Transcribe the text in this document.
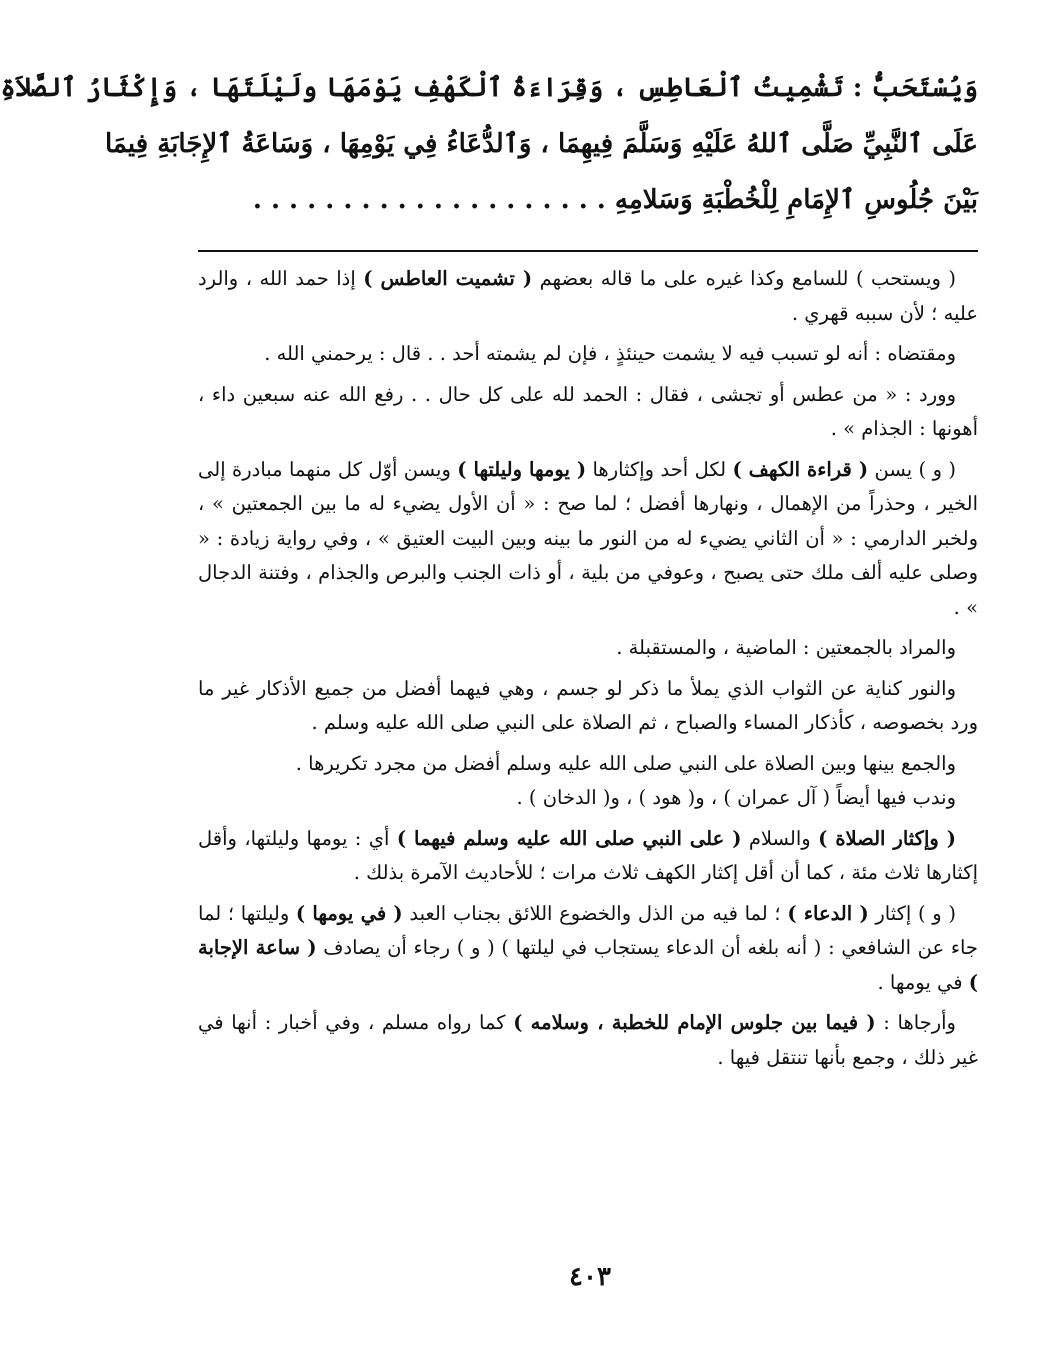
وَيُسْتَحَبُّ : تَشْمِيتُ ٱلْعَاطِسِ ، وَقِرَاءَةُ ٱلْكَهْفِ يَوْمَهَا ولَيْلَتَهَا ، وَإِكْثَارُ ٱلصَّلاَةِ
عَلَى ٱلنَّبِيِّ صَلَّى ٱللهُ عَلَيْهِ وَسَلَّمَ فِيهِمَا ، وَٱلدُّعَاءُ فِي يَوْمِهَا ، وَسَاعَةُ ٱلإِجَابَةِ فِيمَا
بَيْنَ جُلُوسِ ٱلإِمَامِ لِلْخُطْبَةِ وَسَلامِهِ . . . . . . . . . . . . . . . . . . . .

( ويستحب ) للسامع وكذا غيره على ما قاله بعضهم ( تشميت العاطس ) إذا حمد الله ، والرد عليه ؛ لأن سببه قهري .

ومقتضاه : أنه لو تسبب فيه لا يشمت حينئذٍ ، فإن لم يشمته أحد . . قال : يرحمني الله .

وورد : « من عطس أو تجشى ، فقال : الحمد لله على كل حال . . رفع الله عنه سبعين داء ، أهونها : الجذام » .

( و ) يسن ( قراءة الكهف ) لكل أحد وإكثارها ( يومها وليلتها ) ويسن أوّل كل منهما مبادرة إلى الخير ، وحذراً من الإهمال ، ونهارها أفضل ؛ لما صح : « أن الأول يضيء له ما بين الجمعتين » ، ولخبر الدارمي : « أن الثاني يضيء له من النور ما بينه وبين البيت العتيق » ، وفي رواية زيادة : « وصلى عليه ألف ملك حتى يصبح ، وعوفي من بلية ، أو ذات الجنب والبرص والجذام ، وفتنة الدجال » .

والمراد بالجمعتين : الماضية ، والمستقبلة .

والنور كناية عن الثواب الذي يملأ ما ذكر لو جسم ، وهي فيهما أفضل من جميع الأذكار غير ما ورد بخصوصه ، كأذكار المساء والصباح ، ثم الصلاة على النبي صلى الله عليه وسلم .

والجمع بينها وبين الصلاة على النبي صلى الله عليه وسلم أفضل من مجرد تكريرها .

وندب فيها أيضاً ( آل عمران ) ، و( هود ) ، و( الدخان ) .

( وإكثار الصلاة ) والسلام ( على النبي صلى الله عليه وسلم فيهما ) أي : يومها وليلتها، وأقل إكثارها ثلاث مئة ، كما أن أقل إكثار الكهف ثلاث مرات ؛ للأحاديث الآمرة بذلك .

( و ) إكثار ( الدعاء ) ؛ لما فيه من الذل والخضوع اللائق بجناب العبد ( في يومها ) وليلتها ؛ لما جاء عن الشافعي : ( أنه بلغه أن الدعاء يستجاب في ليلتها ) ( و ) رجاء أن يصادف ( ساعة الإجابة ) في يومها .

وأرجاها : ( فيما بين جلوس الإمام للخطبة ، وسلامه ) كما رواه مسلم ، وفي أخبار : أنها في غير ذلك ، وجمع بأنها تنتقل فيها .

٤٠٣
